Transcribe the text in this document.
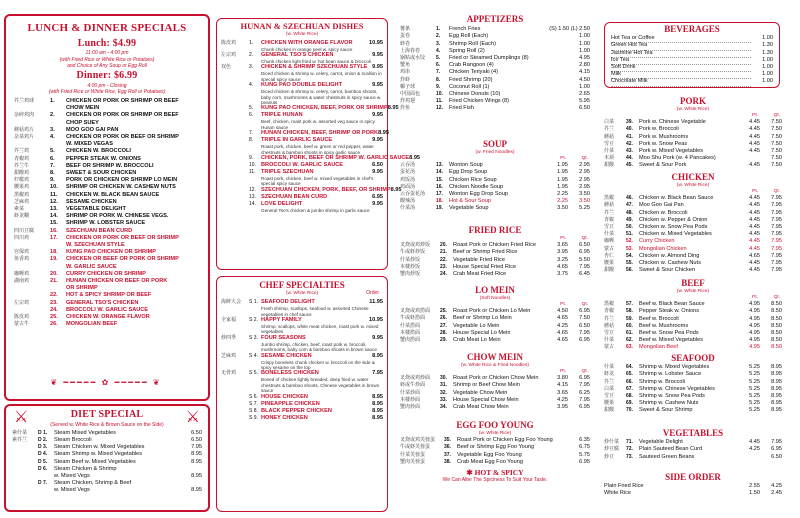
LUNCH & DINNER SPECIALS
Lunch: $4.99
11:00 am - 4:00 pm
(with Fried Rice or White Rice or Potatoes)
and Choice of Any Soup or Egg Roll
Dinner: $6.99
4:00 pm - Closing
(with Fried Rice or White Rice, Egg Roll or Potatoes)
芥兰鸡球	1.	CHICKEN OR PORK OR SHRIMP OR BEEF
CHOW MEIN
杂碎鸡肉	2.	CHICKEN OR PORK OR SHRIMP OR BEEF
CHOP SUEY
蘑菇鸡片	3.	MOO GOO GAI PAN
杂菜鸡片	4.	CHICKEN OR PORK OR BEEF OR SHRIMP
W. MIXED VEGAS
芥兰鸡	5.	CHICKEN W. BROCCOLI
青椒鸡	6.	PEPPER STEAK W. ONIONS
芥兰牛	7.	BEEF OR SHRIMP W. BROCCOLI
甜酸鸡	8.	SWEET & SOUR CHICKEN
柠檬鸡	9.	PORK OR CHICKEN OR SHRIMP LO MEIN
腰果鸡	10.	SHRIMP OR CHICKEN W. CASHEW NUTS
黑椒鸡	11.	CHICKEN W. BLACK BEAN SAUCE
芝麻鸡	12.	SESAME CHICKEN
素菜	13.	VEGETABLE DELIGHT
虾龙糊	14.	SHRIMP OR PORK W. CHINESE VEGS.
15.	SHRIMP W. LOBSTER SAUCE
四川豆腐	16.	SZECHUAN BEAN CURD
四川鸡	17.	CHICKEN OR PORK OR BEEF OR SHRIMP
W. SZECHUAN STYLE
宫保鸡	18.	KUNG PAO CHICKEN OR SHRIMP
鱼香鸡	19.	CHICKEN OR BEEF OR PORK OR SHRIMP
W. GARLIC SAUCE
咖喱鸡	20.	CURRY CHICKEN OR SHRIMP
湖南鸡	21.	HUNAN CHICKEN OR BEEF OR PORK
OR SHRIMP
22.	HOT & SPICY SHRIMP OR BEEF
左宗鸡	23.	GENERAL TSO'S CHICKEN
24.	BROCCOLI W. GARLIC SAUCE
陈皮鸡	25.	CHICKEN W. ORANGE FLAVOR
蒙古牛	26.	MONGOLIAN BEEF
❦ ━━━━━ ✿ ━━━━━ ❦
⚔	⚔
DIET SPECIAL
(Served w. White Rice & Brown Sauce on the Side)
素什菜	D 1.	Steam Mixed Vegetables	6.50
素芥兰	D 2.	Steam Broccoli	6.50
D 3.	Steam Chicken w. Mixed Vegetables	7.95
D 4.	Steam Shrimp w. Mixed Vegetables	8.95
D 5.	Steam Beef w. Mixed Vegetables	8.95
D 6.	Steam Chicken & Shrimp
w. Mixed Vegs	8.95
D 7.	Steam Chicken, Shrimp & Beef
w. Mixed Vegs	8.95
HUNAN & SZECHUAN DISHES
(w. White Rice)
陈皮鸡	1.	CHICKEN WITH ORANGE FLAVOR	10.95
Chunk chicken in orange peel w. spicy sauce
左宗鸡	2.	GENERAL TSO'S CHICKEN	9.95
Chunk chicken light fried w. hot bean sauce & broccoli
双色	3.	CHICKEN & SHRIMP SZECHUAN STYLE 9.95
Diced chicken & shrimp w. celery, carrot, onion & scallion in special spicy sauce
4.	KUNG PAO DOUBLE DELIGHT	9.95
Diced chicken & shrimp w. celery, carrot, bamboo shoots, baby corn, mushrooms & water chestnuts in spicy sauce w. peanuts
5.	KUNG PAO CHICKEN, BEEF, PORK OR SHRIMP 8.95
6.	TRIPLE HUNAN	9.95
Beef, chicken, roast pork w. assorted veg sauce in spicy Hunan sauce
7.	HUNAN CHICKEN, BEEF, SHRIMP OR PORK 8.95
8.	TRIPLE IN GARLIC SAUCE	9.95
Roast pork, chicken, beef w. green or red pepper, water chestnuts & bamboo shoots in spicy garlic sauce
9.	CHICKEN, PORK, BEEF OR SHRIMP W. GARLIC SAUCE 8.95
10. BROCCOLI W. GARLIC SAUCE	6.50
11. TRIPLE SZECHUAN	9.95
Roast pork, chicken, beef w. mixed vegetables in chef's special spicy sauce
12. SZECHUAN CHICKEN, PORK, BEEF, OR SHRIMP 8.95
13. SZECHUAN BEAN CURD	6.95
14. LOVE DELIGHT	9.95
General Tso's chicken & jumbo shrimp in garlic sauce
CHEF SPECIALTIES
(w. White Rice)	Order
海鲜大会	S 1. SEAFOOD DELIGHT	11.95
Fresh shrimp, scallops, seafood w. assorted Chinese vegetables in chef sauce
全家福	S 2. HAPPY FAMILY	10.95
Shrimp, scallops, white meat chicken, roast pork w. mixed vegetables
炒四季	S 3. FOUR SEASONS	9.95
Jumbo shrimp, chicken, beef, roast pork w. broccoli, mushrooms, baby corn & bamboo shoots in brown sauce
芝麻鸡	S 4. SESAME CHICKEN	8.95
Crispy boneless chunk chicken w. broccoli on the side & spicy sesame on the top
无骨鸡	S 5. BONELESS CHICKEN	7.95
Boned of chicken lightly breaded, deep fried w. water chestnuts & bamboo shoots, Chinese vegetables in brown sauce
S 6. HOUSE CHICKEN	8.95
S 7. PINEAPPLE CHICKEN	8.95
S 8. BLACK PEPPER CHICKEN	8.95
S 9. HONEY CHICKEN	8.95
APPETIZERS
薯条	1.	French Fries	(S) 1.50 (L) 2.50
蛋卷	2.	Egg Roll (Each)	1.00
虾卷	3.	Shrimp Roll (Each)	1.00
上海春卷	4.	Spring Roll (2)	1.00
锅贴或水饺	5.	Fried or Steamed Dumplings (8)	4.95
蟹角	6.	Crab Rangoon (4)	2.80
鸡串	7.	Chicken Teriyaki (4)	4.15
炸虾	8.	Fried Shrimp (20)	4.50
椰子球	9.	Coconut Roll (1)	1.00
中国面包	10.	Chinese Donuts (10)	2.65
炸鸡翅	11.	Fried Chicken Wings (8)	5.95
炸鱼	12.	Fried Fish	6.50
SOUP
(w. Fried Noodles)
Pt.	Qt.
云吞汤	13.	Wonton Soup	1.95	2.95
蛋花汤	14.	Egg Drop Soup	1.95	2.95
鸡饭汤	15.	Chicken Rice Soup	1.95	2.95
鸡面汤	16.	Chicken Noodle Soup	1.95	2.95
云吞蛋花汤	17.	Wonton Egg Drop Soup	2.25	3.50
酸辣汤	18.	Hot & Sour Soup	2.25	3.50
什菜汤	19.	Vegetable Soup	3.50	5.25
FRIED RICE
Pt.	Qt.
叉烧或鸡炒饭	20.	Roast Pork or Chicken Fried Rice	3.65	6.50
牛或虾炒饭	21.	Beef or Shrimp Fried Rice	3.95	6.95
什菜炒饭	22.	Vegetable Fried Rice	3.25	5.50
本楼炒饭	23.	House Special Fried Rice	4.65	7.95
蟹肉炒饭	24.	Crab Meat Fried Rice	3.75	6.45
LO MEIN
(Soft Noodles)
Pt.	Qt.
叉烧或鸡捞面	25.	Roast Pork or Chicken Lo Mein	4.50	6.95
牛或虾捞面	26.	Beef or Shrimp Lo Mein	4.65	7.50
什菜捞面	27.	Vegetable Lo Mein	4.25	6.50
本楼捞面	28.	House Special Lo Mein	4.65	7.95
蟹肉捞面	29.	Crab Meat Lo Mein	4.65	6.95
CHOW MEIN
(w. White Rice & Fried Noodles)
Pt.	Qt.
叉烧或鸡炒面	30.	Roast Pork or Chicken Chow Mein	3.80	6.95
虾或牛炒面	31.	Shrimp or Beef Chow Mein	4.15	7.95
什菜炒面	32.	Vegetable Chow Mein	3.65	6.25
本楼炒面	33.	House Special Chow Mein	4.25	7.95
蟹肉炒面	34.	Crab Meat Chow Mein	3.95	6.95
EGG FOO YOUNG
(w. White Rice)
叉烧或鸡芙蓉蛋	35.	Roast Pork or Chicken Egg Foo Young	6.35
牛或虾芙蓉蛋	36.	Beef or Shrimp Egg Foo Young	6.75
什菜芙蓉蛋	37.	Vegetable Egg Foo Young	5.75
蟹肉芙蓉蛋	38.	Crab Meat Egg Foo Young	6.95
✱ HOT & SPICY
We Can Alter The Spiciness To Suit Your Taste.
BEVERAGES
Hot Tea or Coffee	1.00
Green Hot Tea	1.30
Jasmine Hot Tea	1.30
Ice Tea	1.00
Soft Drink	1.00
Milk	1.00
Chocolate Milk	1.00
PORK
(w. White Rice)
Pt.	Qt.
白菜	39.	Pork w. Chinese Vegetable	4.45	7.50
芥兰	40.	Pork w. Broccoli	4.45	7.50
蘑菇	41.	Pork w. Mushrooms	4.45	7.50
雪豆	42.	Pork w. Snow Peas	4.45	7.50
什菜	43.	Pork w. Mixed Vegetables	4.45	7.50
木须	44.	Moo Shu Pork (w. 4 Pancakes)	7.50
甜酸	45.	Sweet & Sour Pork	4.45	7.50
CHICKEN
(w. White Rice)
Pt.	Qt.
黑椒	46.	Chicken w. Black Bean Sauce	4.45	7.95
蘑菇	47.	Moo Goo Gai Pan	4.45	7.95
芥兰	48.	Chicken w. Broccoli	4.45	7.95
青椒	49.	Chicken w. Pepper & Onion	4.45	7.95
雪豆	50.	Chicken w. Snow Pea Pods	4.45	7.95
什菜	51.	Chicken w. Mixed Vegetables	4.45	7.95
咖喱	52.	Curry Chicken	4.45	7.95
蒙古	53.	Mongolian Chicken	4.45	7.95
杏仁	54.	Chicken w. Almond Ding	4.65	7.95
腰果	55.	Chicken w. Cashew Nuts	4.45	7.95
甜酸	56.	Sweet & Sour Chicken	4.45	7.95
BEEF
(w. White Rice)
Pt.	Qt.
黑椒	57.	Beef w. Black Bean Sauce	4.95	8.50
青椒	58.	Pepper Steak w. Onions	4.95	8.50
芥兰	59.	Beef w. Broccoli	4.95	8.50
蘑菇	60.	Beef w. Mushrooms	4.95	8.50
雪豆	61.	Beef w. Snow Pea Pods	4.95	8.50
什菜	62.	Beef w. Mixed Vegetables	4.95	8.50
蒙古	63.	Mongolian Beef	4.95	8.50
SEAFOOD
什菜	64.	Shrimp w. Mixed Vegetables	5.25	8.95
虾龙	65.	Shrimp w. Lobster Sauce	5.25	8.95
芥兰	66.	Shrimp w. Broccoli	5.25	8.95
白菜	67.	Shrimp w. Chinese Vegetables	5.25	8.95
雪豆	68.	Shrimp w. Snow Pea Pods	5.25	8.95
腰果	69.	Shrimp w. Cashew Nuts	5.25	8.95
甜酸	70.	Sweet & Sour Shrimp	5.25	8.95
VEGETABLES
炒什菜	71.	Vegetable Delight	4.45	7.95
炒豆腐	72.	Plain Sauteed Bean Curd	4.25	6.95
炒豆	73.	Sauteed Green Beans	6.50
SIDE ORDER
Plain Fried Rice	2.55	4.25
White Rice	1.50	2.45
